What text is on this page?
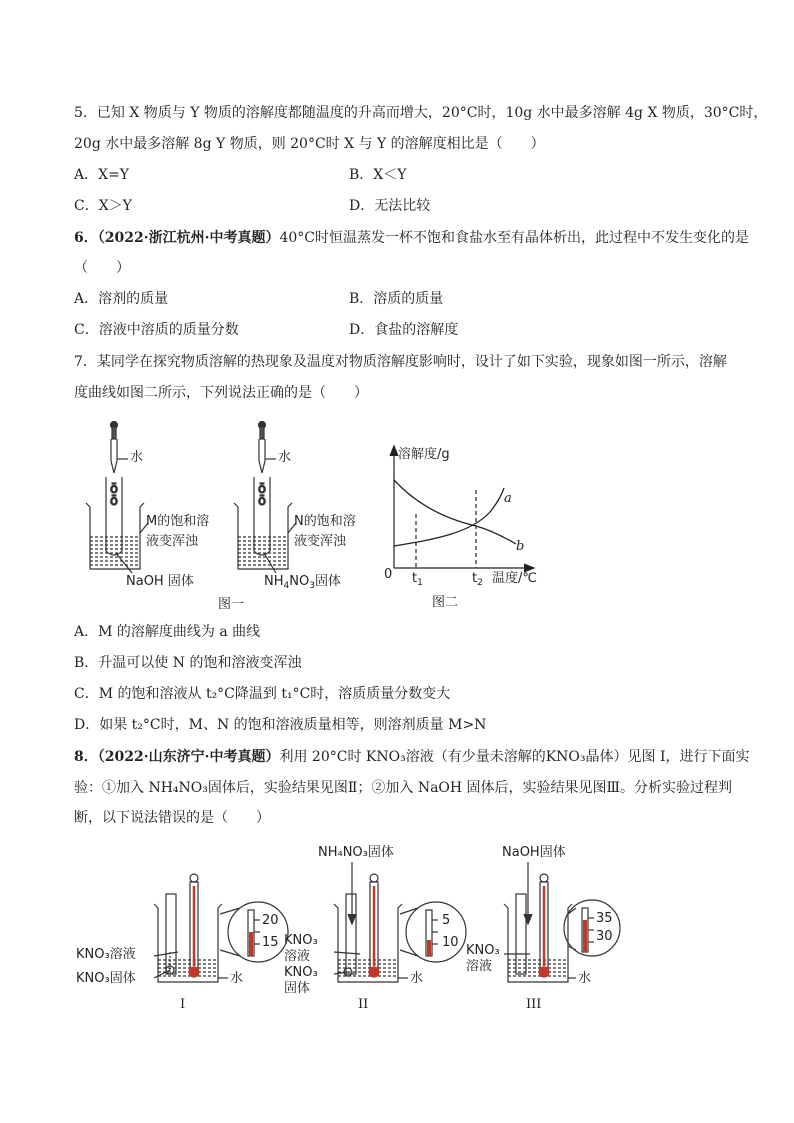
5．已知 X 物质与 Y 物质的溶解度都随温度的升高而增大，20°C时，10g 水中最多溶解 4g X 物质，30°C时，
20g 水中最多溶解 8g Y 物质，则 20°C时 X 与 Y 的溶解度相比是（　　）
A．X=Y	B．X＜Y
C．X＞Y	D．无法比较
6．（2022·浙江杭州·中考真题）40°C时恒温蒸发一杯不饱和食盐水至有晶体析出，此过程中不发生变化的是
（　　）
A．溶剂的质量	B．溶质的质量
C．溶液中溶质的质量分数	D．食盐的溶解度
7．某同学在探究物质溶解的热现象及温度对物质溶解度影响时，设计了如下实验，现象如图一所示，溶解
度曲线如图二所示，下列说法正确的是（　　）
ō
ō
水
M的饱和溶
液变浑浊
NaOH 固体
ō
ō
水
N的饱和溶
液变浑浊
$NH_4NO_3$固体
图一
溶解度/g
0 $t_1$	$t_2$ 温度/℃
a
b
图二
A．M 的溶解度曲线为 a 曲线
B．升温可以使 N 的饱和溶液变浑浊
C．M 的饱和溶液从 t₂°C降温到 t₁°C时，溶质质量分数变大
D．如果 t₂°C时，M、N 的饱和溶液质量相等，则溶剂质量 M>N
8．（2022·山东济宁·中考真题）利用 20°C时 KNO₃溶液（有少量未溶解的KNO₃晶体）见图 I，进行下面实
验：①加入 NH₄NO₃固体后，实验结果见图Ⅱ；②加入 NaOH 固体后，实验结果见图Ⅲ。分析实验过程判
断，以下说法错误的是（　　）
20
15
KNO₃溶液
KNO₃固体	水
I
NH₄NO₃固体
5
10
KNO₃
溶液
KNO₃
固体
水
II
NaOH固体
35
30
KNO₃
溶液
水
III
